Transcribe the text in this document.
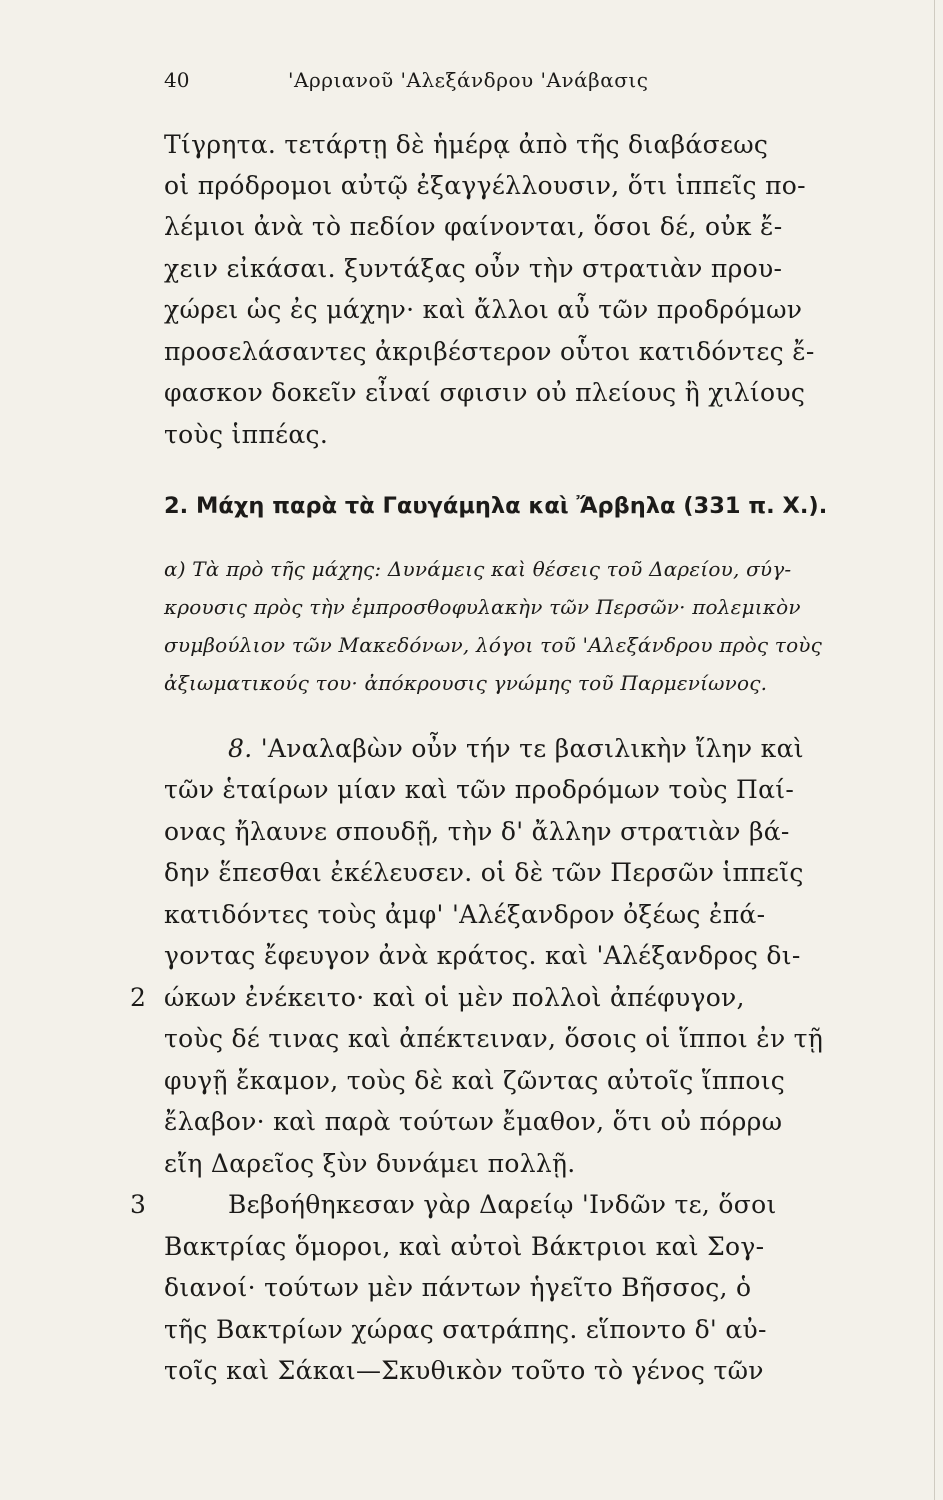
40	'Αρριανοῦ 'Αλεξάνδρου 'Ανάβασις
Τίγρητα. τετάρτῃ δὲ ἡμέρᾳ ἀπὸ τῆς διαβάσεως
οἱ πρόδρομοι αὐτῷ ἐξαγγέλλουσιν, ὅτι ἱππεῖς πο-
λέμιοι ἀνὰ τὸ πεδίον φαίνονται, ὅσοι δέ, οὐκ ἔ-
χειν εἰκάσαι. ξυντάξας οὖν τὴν στρατιὰν πρου-
χώρει ὡς ἐς μάχην· καὶ ἄλλοι αὖ τῶν προδρόμων
προσελάσαντες ἀκριβέστερον οὗτοι κατιδόντες ἔ-
φασκον δοκεῖν εἶναί σφισιν οὐ πλείους ἢ χιλίους
τοὺς ἱππέας.
2. Μάχη παρὰ τὰ Γαυγάμηλα καὶ Ἄρβηλα (331 π. Χ.).
α) Τὰ πρὸ τῆς μάχης: Δυνάμεις καὶ θέσεις τοῦ Δαρείου, σύγ-
κρουσις πρὸς τὴν ἐμπροσθοφυλακὴν τῶν Περσῶν· πολεμικὸν
συμβούλιον τῶν Μακεδόνων, λόγοι τοῦ 'Αλεξάνδρου πρὸς τοὺς
ἀξιωματικούς του· ἀπόκρουσις γνώμης τοῦ Παρμενίωνος.
8. 'Αναλαβὼν οὖν τήν τε βασιλικὴν ἴλην καὶ
τῶν ἑταίρων μίαν καὶ τῶν προδρόμων τοὺς Παί-
ονας ἤλαυνε σπουδῇ, τὴν δ' ἄλλην στρατιὰν βά-
δην ἕπεσθαι ἐκέλευσεν. οἱ δὲ τῶν Περσῶν ἱππεῖς
κατιδόντες τοὺς ἀμφ' 'Αλέξανδρον ὀξέως ἐπά-
γοντας ἔφευγον ἀνὰ κράτος. καὶ 'Αλέξανδρος δι-
2 ώκων ἐνέκειτο· καὶ οἱ μὲν πολλοὶ ἀπέφυγον,
τοὺς δέ τινας καὶ ἀπέκτειναν, ὅσοις οἱ ἵπποι ἐν τῇ
φυγῇ ἔκαμον, τοὺς δὲ καὶ ζῶντας αὐτοῖς ἵπποις
ἔλαβον· καὶ παρὰ τούτων ἔμαθον, ὅτι οὐ πόρρω
εἴη Δαρεῖος ξὺν δυνάμει πολλῇ.
3	Βεβοήθηκεσαν γὰρ Δαρείῳ 'Ινδῶν τε, ὅσοι
Βακτρίας ὅμοροι, καὶ αὐτοὶ Βάκτριοι καὶ Σογ-
διανοί· τούτων μὲν πάντων ἡγεῖτο Βῆσσος, ὁ
τῆς Βακτρίων χώρας σατράπης. εἵποντο δ' αὐ-
τοῖς καὶ Σάκαι—Σκυθικὸν τοῦτο τὸ γένος τῶν
